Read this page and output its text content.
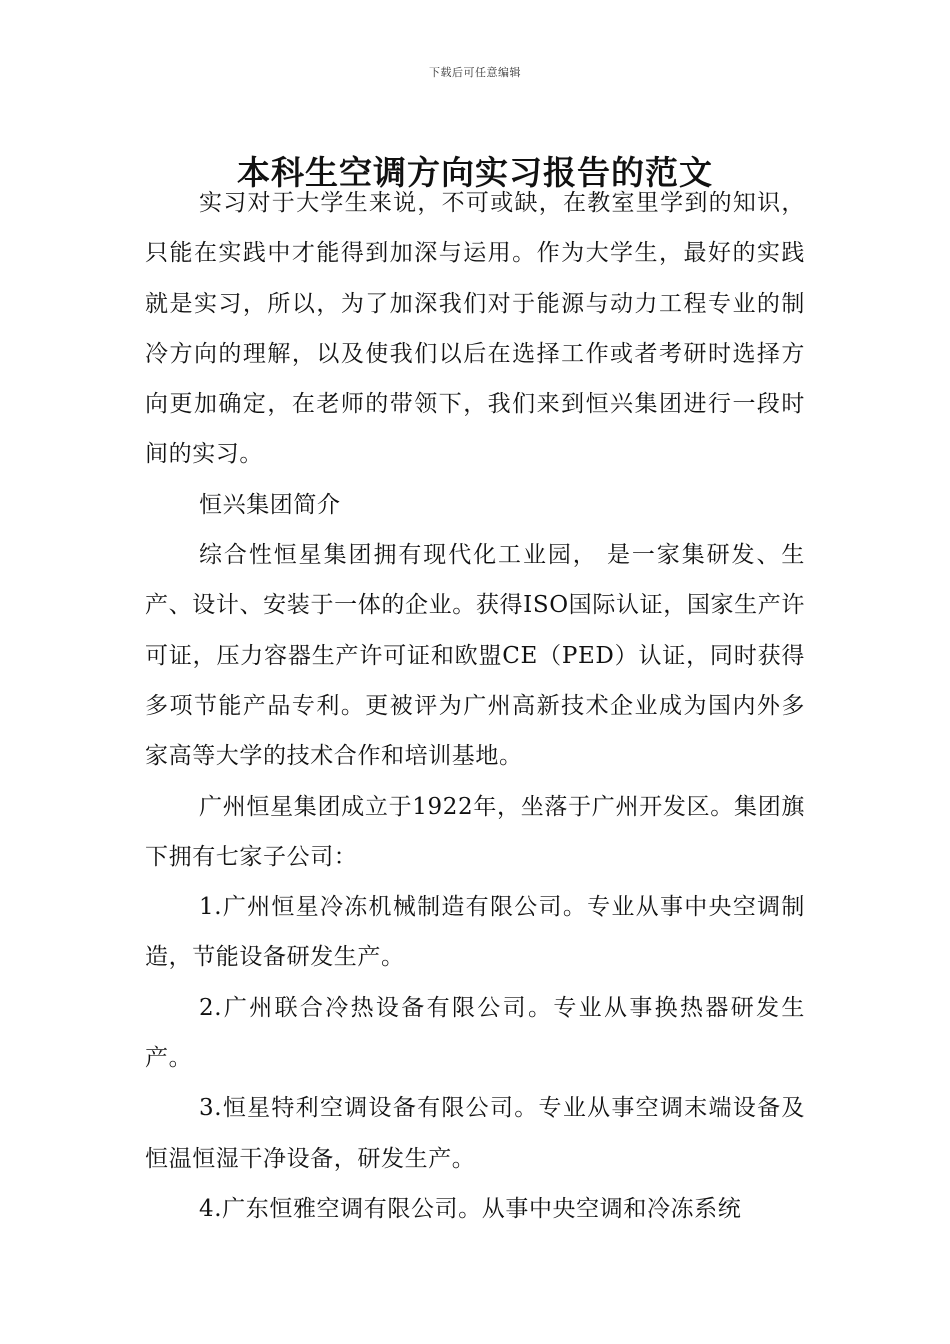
下载后可任意编辑
本科生空调方向实习报告的范文

实习对于大学生来说，不可或缺，在教室里学到的知识，只能在实践中才能得到加深与运用。作为大学生，最好的实践就是实习，所以，为了加深我们对于能源与动力工程专业的制冷方向的理解，以及使我们以后在选择工作或者考研时选择方向更加确定，在老师的带领下，我们来到恒兴集团进行一段时间的实习。

恒兴集团简介

综合性恒星集团拥有现代化工业园， 是一家集研发、生产、设计、安装于一体的企业。获得ISO国际认证，国家生产许可证，压力容器生产许可证和欧盟CE（PED）认证，同时获得多项节能产品专利。更被评为广州高新技术企业成为国内外多家高等大学的技术合作和培训基地。

广州恒星集团成立于1922年，坐落于广州开发区。集团旗下拥有七家子公司：

1.广州恒星冷冻机械制造有限公司。专业从事中央空调制造，节能设备研发生产。

2.广州联合冷热设备有限公司。专业从事换热器研发生产。

3.恒星特利空调设备有限公司。专业从事空调末端设备及恒温恒湿干净设备，研发生产。

4.广东恒雅空调有限公司。从事中央空调和冷冻系统
